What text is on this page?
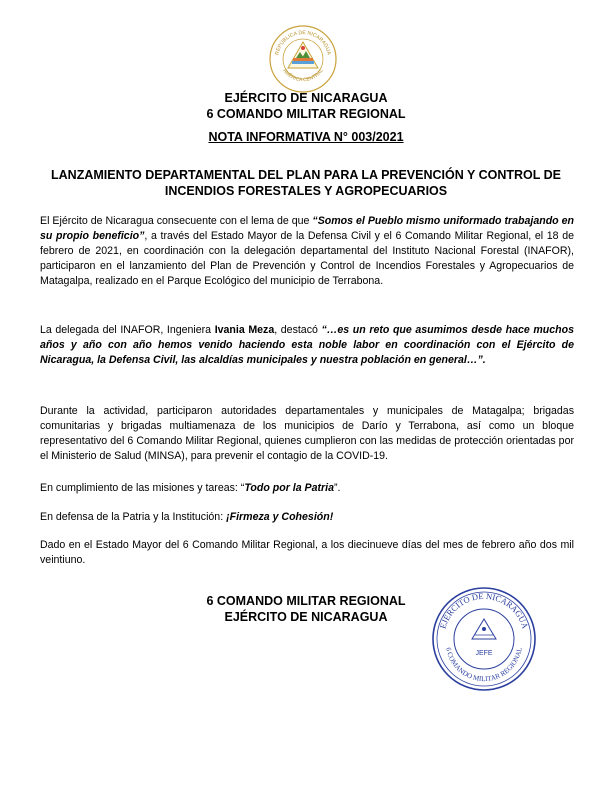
REPÚBLICA DE NICARAGUA
AMÉRICA CENTRAL
EJÉRCITO DE NICARAGUA
6 COMANDO MILITAR REGIONAL
NOTA INFORMATIVA N° 003/2021
LANZAMIENTO DEPARTAMENTAL DEL PLAN PARA LA PREVENCIÓN Y CONTROL DE INCENDIOS FORESTALES Y AGROPECUARIOS

El Ejército de Nicaragua consecuente con el lema de que “Somos el Pueblo mismo uniformado trabajando en su propio beneficio”, a través del Estado Mayor de la Defensa Civil y el 6 Comando Militar Regional, el 18 de febrero de 2021, en coordinación con la delegación departamental del Instituto Nacional Forestal (INAFOR), participaron en el lanzamiento del Plan de Prevención y Control de Incendios Forestales y Agropecuarios de Matagalpa, realizado en el Parque Ecológico del municipio de Terrabona.

La delegada del INAFOR, Ingeniera Ivania Meza, destacó “…es un reto que asumimos desde hace muchos años y año con año hemos venido haciendo esta noble labor en coordinación con el Ejército de Nicaragua, la Defensa Civil, las alcaldías municipales y nuestra población en general…”.

Durante la actividad, participaron autoridades departamentales y municipales de Matagalpa; brigadas comunitarias y brigadas multiamenaza de los municipios de Darío y Terrabona, así como un bloque representativo del 6 Comando Militar Regional, quienes cumplieron con las medidas de protección orientadas por el Ministerio de Salud (MINSA), para prevenir el contagio de la COVID-19.

En cumplimiento de las misiones y tareas: “Todo por la Patria”.

En defensa de la Patria y la Institución: ¡Firmeza y Cohesión!

Dado en el Estado Mayor del 6 Comando Militar Regional, a los diecinueve días del mes de febrero año dos mil veintiuno.

6 COMANDO MILITAR REGIONAL
EJÉRCITO DE NICARAGUA
EJÉRCITO DE NICARAGUA
6 COMANDO MILITAR REGIONAL
JEFE
